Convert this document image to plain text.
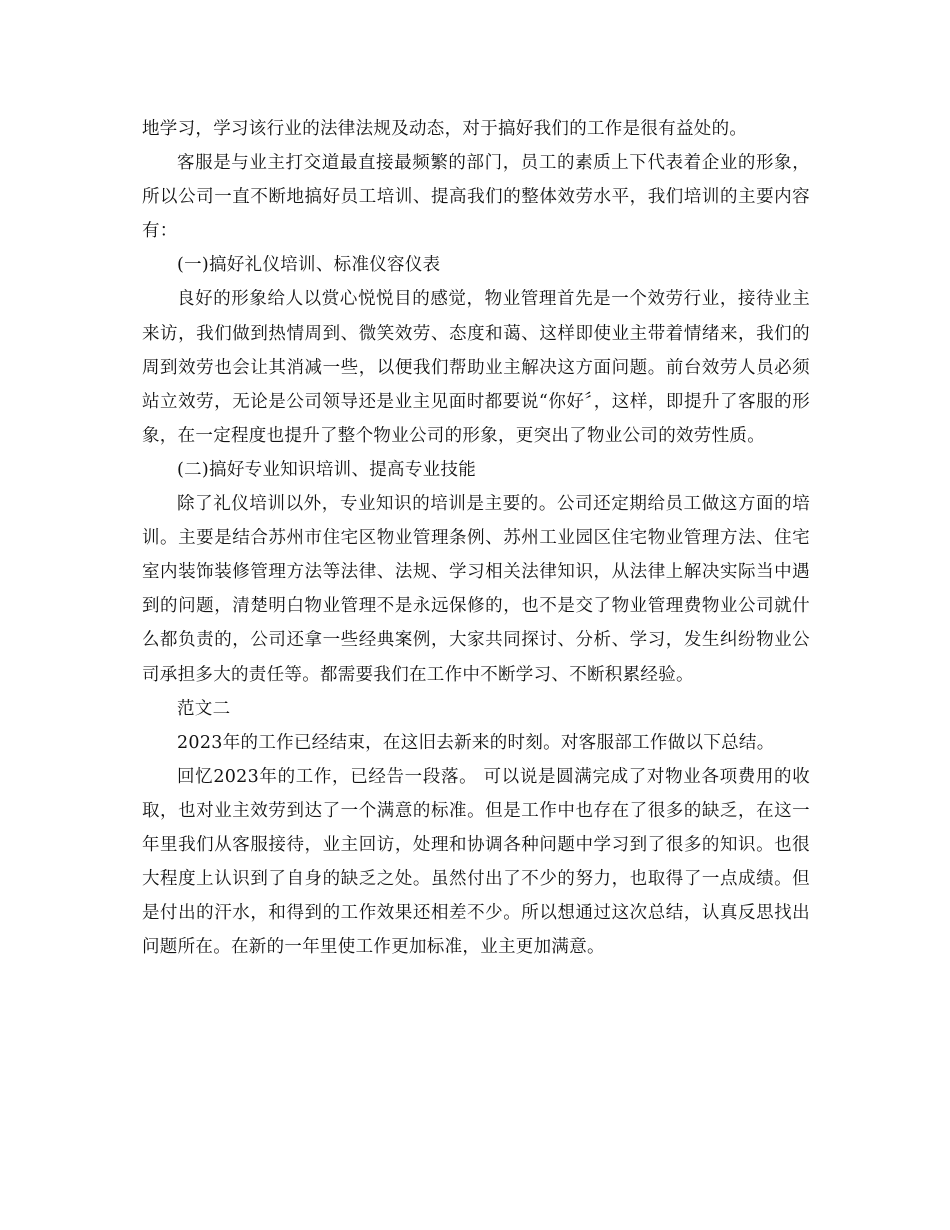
地学习，学习该行业的法律法规及动态，对于搞好我们的工作是很有益处的。

客服是与业主打交道最直接最频繁的部门，员工的素质上下代表着企业的形象，所以公司一直不断地搞好员工培训、提高我们的整体效劳水平，我们培训的主要内容有：

(一)搞好礼仪培训、标准仪容仪表

良好的形象给人以赏心悦悦目的感觉，物业管理首先是一个效劳行业，接待业主来访，我们做到热情周到、微笑效劳、态度和蔼、这样即使业主带着情绪来，我们的周到效劳也会让其消减一些，以便我们帮助业主解决这方面问题。前台效劳人员必须站立效劳，无论是公司领导还是业主见面时都要说“你好〞，这样，即提升了客服的形象，在一定程度也提升了整个物业公司的形象，更突出了物业公司的效劳性质。

(二)搞好专业知识培训、提高专业技能

除了礼仪培训以外，专业知识的培训是主要的。公司还定期给员工做这方面的培训。主要是结合苏州市住宅区物业管理条例、苏州工业园区住宅物业管理方法、住宅室内装饰装修管理方法等法律、法规、学习相关法律知识，从法律上解决实际当中遇到的问题，清楚明白物业管理不是永远保修的，也不是交了物业管理费物业公司就什么都负责的，公司还拿一些经典案例，大家共同探讨、分析、学习，发生纠纷物业公司承担多大的责任等。都需要我们在工作中不断学习、不断积累经验。

范文二

2023年的工作已经结束，在这旧去新来的时刻。对客服部工作做以下总结。

回忆2023年的工作，已经告一段落。 可以说是圆满完成了对物业各项费用的收取，也对业主效劳到达了一个满意的标准。但是工作中也存在了很多的缺乏，在这一年里我们从客服接待，业主回访，处理和协调各种问题中学习到了很多的知识。也很大程度上认识到了自身的缺乏之处。虽然付出了不少的努力，也取得了一点成绩。但是付出的汗水，和得到的工作效果还相差不少。所以想通过这次总结，认真反思找出问题所在。在新的一年里使工作更加标准，业主更加满意。
